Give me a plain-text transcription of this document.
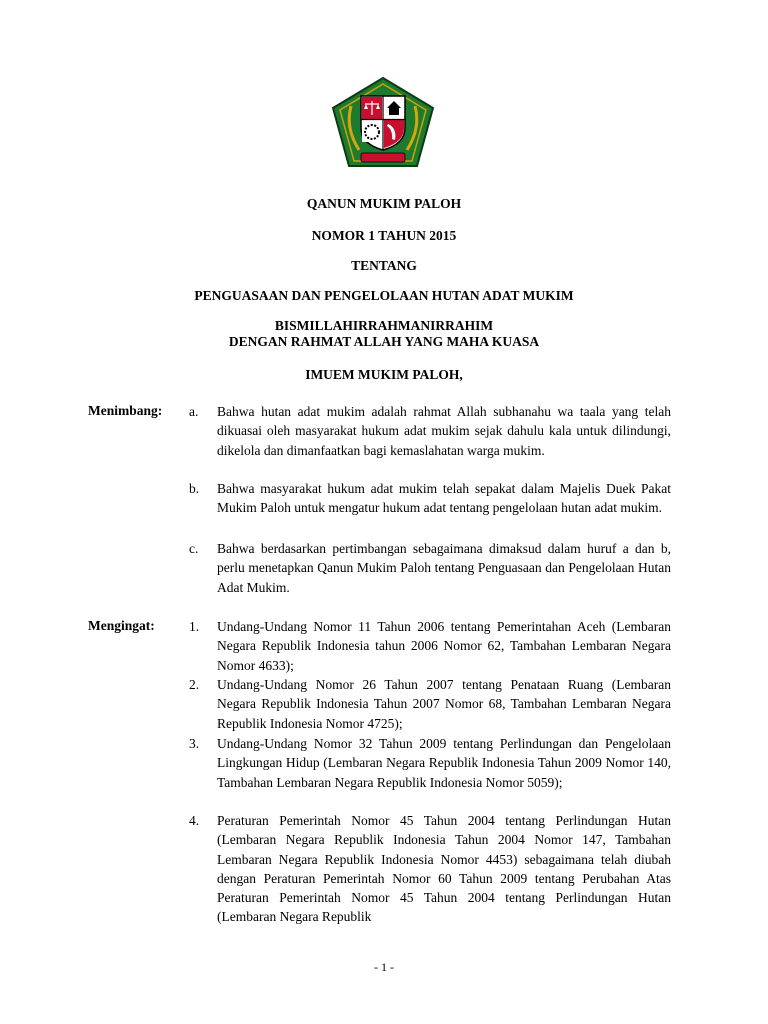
QANUN MUKIM PALOH
NOMOR 1 TAHUN 2015
TENTANG
PENGUASAAN DAN PENGELOLAAN HUTAN ADAT MUKIM
BISMILLAHIRRAHMANIRRAHIM
DENGAN RAHMAT ALLAH YANG MAHA KUASA
IMUEM MUKIM PALOH,
Menimbang: a. Bahwa hutan adat mukim adalah rahmat Allah subhanahu wa taala yang telah dikuasai oleh masyarakat hukum adat mukim sejak dahulu kala untuk dilindungi, dikelola dan dimanfaatkan bagi kemaslahatan warga mukim.
b. Bahwa masyarakat hukum adat mukim telah sepakat dalam Majelis Duek Pakat Mukim Paloh untuk mengatur hukum adat tentang pengelolaan hutan adat mukim.
c. Bahwa berdasarkan pertimbangan sebagaimana dimaksud dalam huruf a dan b, perlu menetapkan Qanun Mukim Paloh tentang Penguasaan dan Pengelolaan Hutan Adat Mukim.
Mengingat:	1. Undang-Undang Nomor 11 Tahun 2006 tentang Pemerintahan Aceh (Lembaran Negara Republik Indonesia tahun 2006 Nomor 62, Tambahan Lembaran Negara Nomor 4633);
2. Undang-Undang Nomor 26 Tahun 2007 tentang Penataan Ruang (Lembaran Negara Republik Indonesia Tahun 2007 Nomor 68, Tambahan Lembaran Negara Republik Indonesia Nomor 4725);
3. Undang-Undang Nomor 32 Tahun 2009 tentang Perlindungan dan Pengelolaan Lingkungan Hidup (Lembaran Negara Republik Indonesia Tahun 2009 Nomor 140, Tambahan Lembaran Negara Republik Indonesia Nomor 5059);
4. Peraturan Pemerintah Nomor 45 Tahun 2004 tentang Perlindungan Hutan (Lembaran Negara Republik Indonesia Tahun 2004 Nomor 147, Tambahan Lembaran Negara Republik Indonesia Nomor 4453) sebagaimana telah diubah dengan Peraturan Pemerintah Nomor 60 Tahun 2009 tentang Perubahan Atas Peraturan Pemerintah Nomor 45 Tahun 2004 tentang Perlindungan Hutan (Lembaran Negara Republik
- 1 -
